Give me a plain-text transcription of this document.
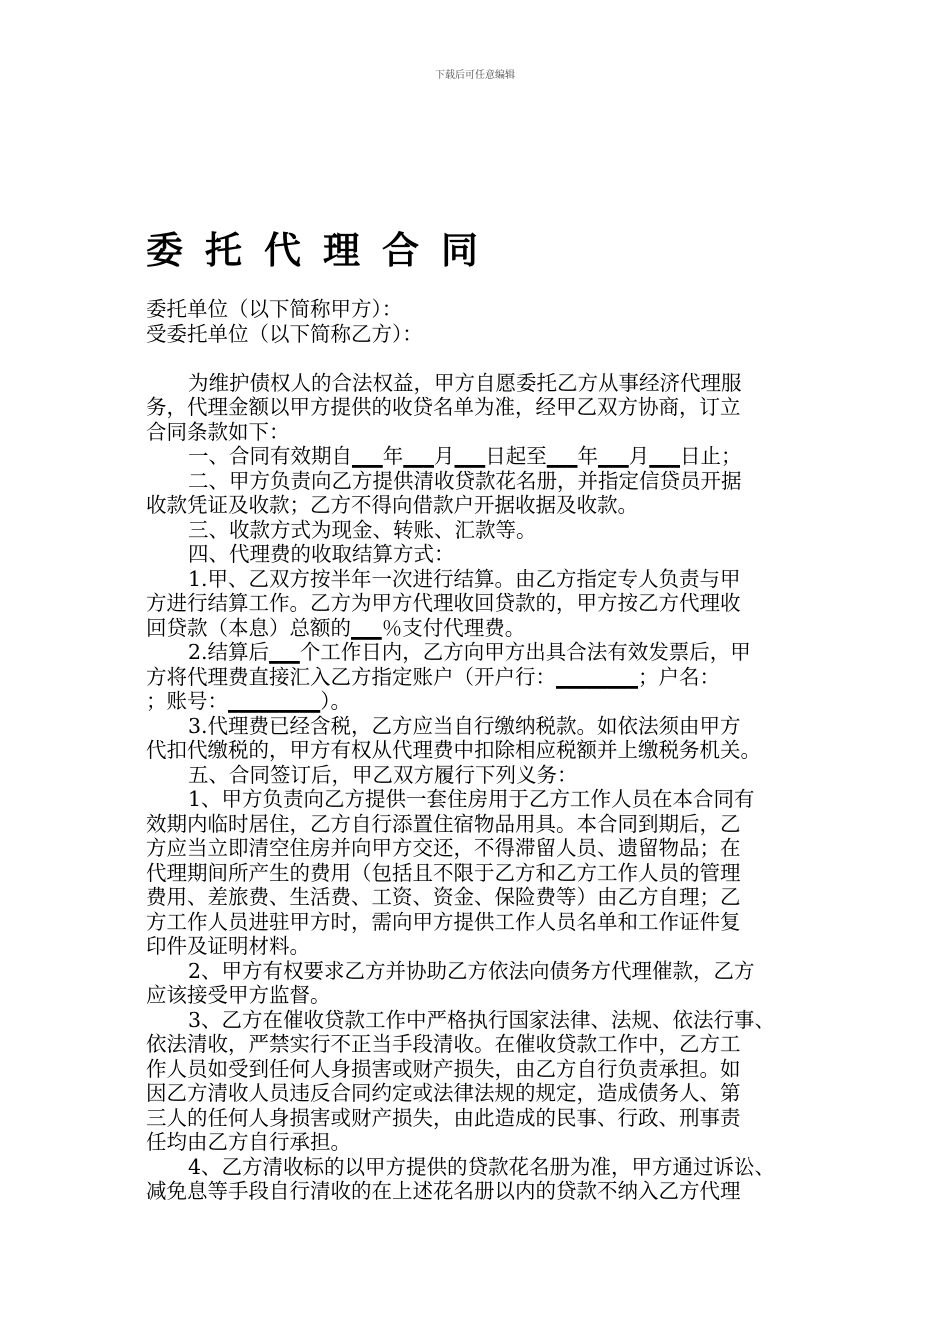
下载后可任意编辑
委托代理合同
委托单位（以下简称甲方）：
受委托单位（以下简称乙方）：
为维护债权人的合法权益，甲方自愿委托乙方从事经济代理服
务，代理金额以甲方提供的收贷名单为准，经甲乙双方协商，订立
合同条款如下：
一、合同有效期自___年___月___日起至___年___月___日止；
二、甲方负责向乙方提供清收贷款花名册，并指定信贷员开据
收款凭证及收款；乙方不得向借款户开据收据及收款。
三、收款方式为现金、转账、汇款等。
四、代理费的收取结算方式：
1.甲、乙双方按半年一次进行结算。由乙方指定专人负责与甲
方进行结算工作。乙方为甲方代理收回贷款的，甲方按乙方代理收
回贷款（本息）总额的___％支付代理费。
2.结算后___个工作日内，乙方向甲方出具合法有效发票后，甲
方将代理费直接汇入乙方指定账户（开户行：________；户名：
；账号：_________）。
3.代理费已经含税，乙方应当自行缴纳税款。如依法须由甲方
代扣代缴税的，甲方有权从代理费中扣除相应税额并上缴税务机关。
五、合同签订后，甲乙双方履行下列义务：
1、甲方负责向乙方提供一套住房用于乙方工作人员在本合同有
效期内临时居住，乙方自行添置住宿物品用具。本合同到期后，乙
方应当立即清空住房并向甲方交还，不得滞留人员、遗留物品；在
代理期间所产生的费用（包括且不限于乙方和乙方工作人员的管理
费用、差旅费、生活费、工资、资金、保险费等）由乙方自理；乙
方工作人员进驻甲方时，需向甲方提供工作人员名单和工作证件复
印件及证明材料。
2、甲方有权要求乙方并协助乙方依法向债务方代理催款，乙方
应该接受甲方监督。
3、乙方在催收贷款工作中严格执行国家法律、法规、依法行事、
依法清收，严禁实行不正当手段清收。在催收贷款工作中，乙方工
作人员如受到任何人身损害或财产损失，由乙方自行负责承担。如
因乙方清收人员违反合同约定或法律法规的规定，造成债务人、第
三人的任何人身损害或财产损失，由此造成的民事、行政、刑事责
任均由乙方自行承担。
4、乙方清收标的以甲方提供的贷款花名册为准，甲方通过诉讼、
减免息等手段自行清收的在上述花名册以内的贷款不纳入乙方代理
